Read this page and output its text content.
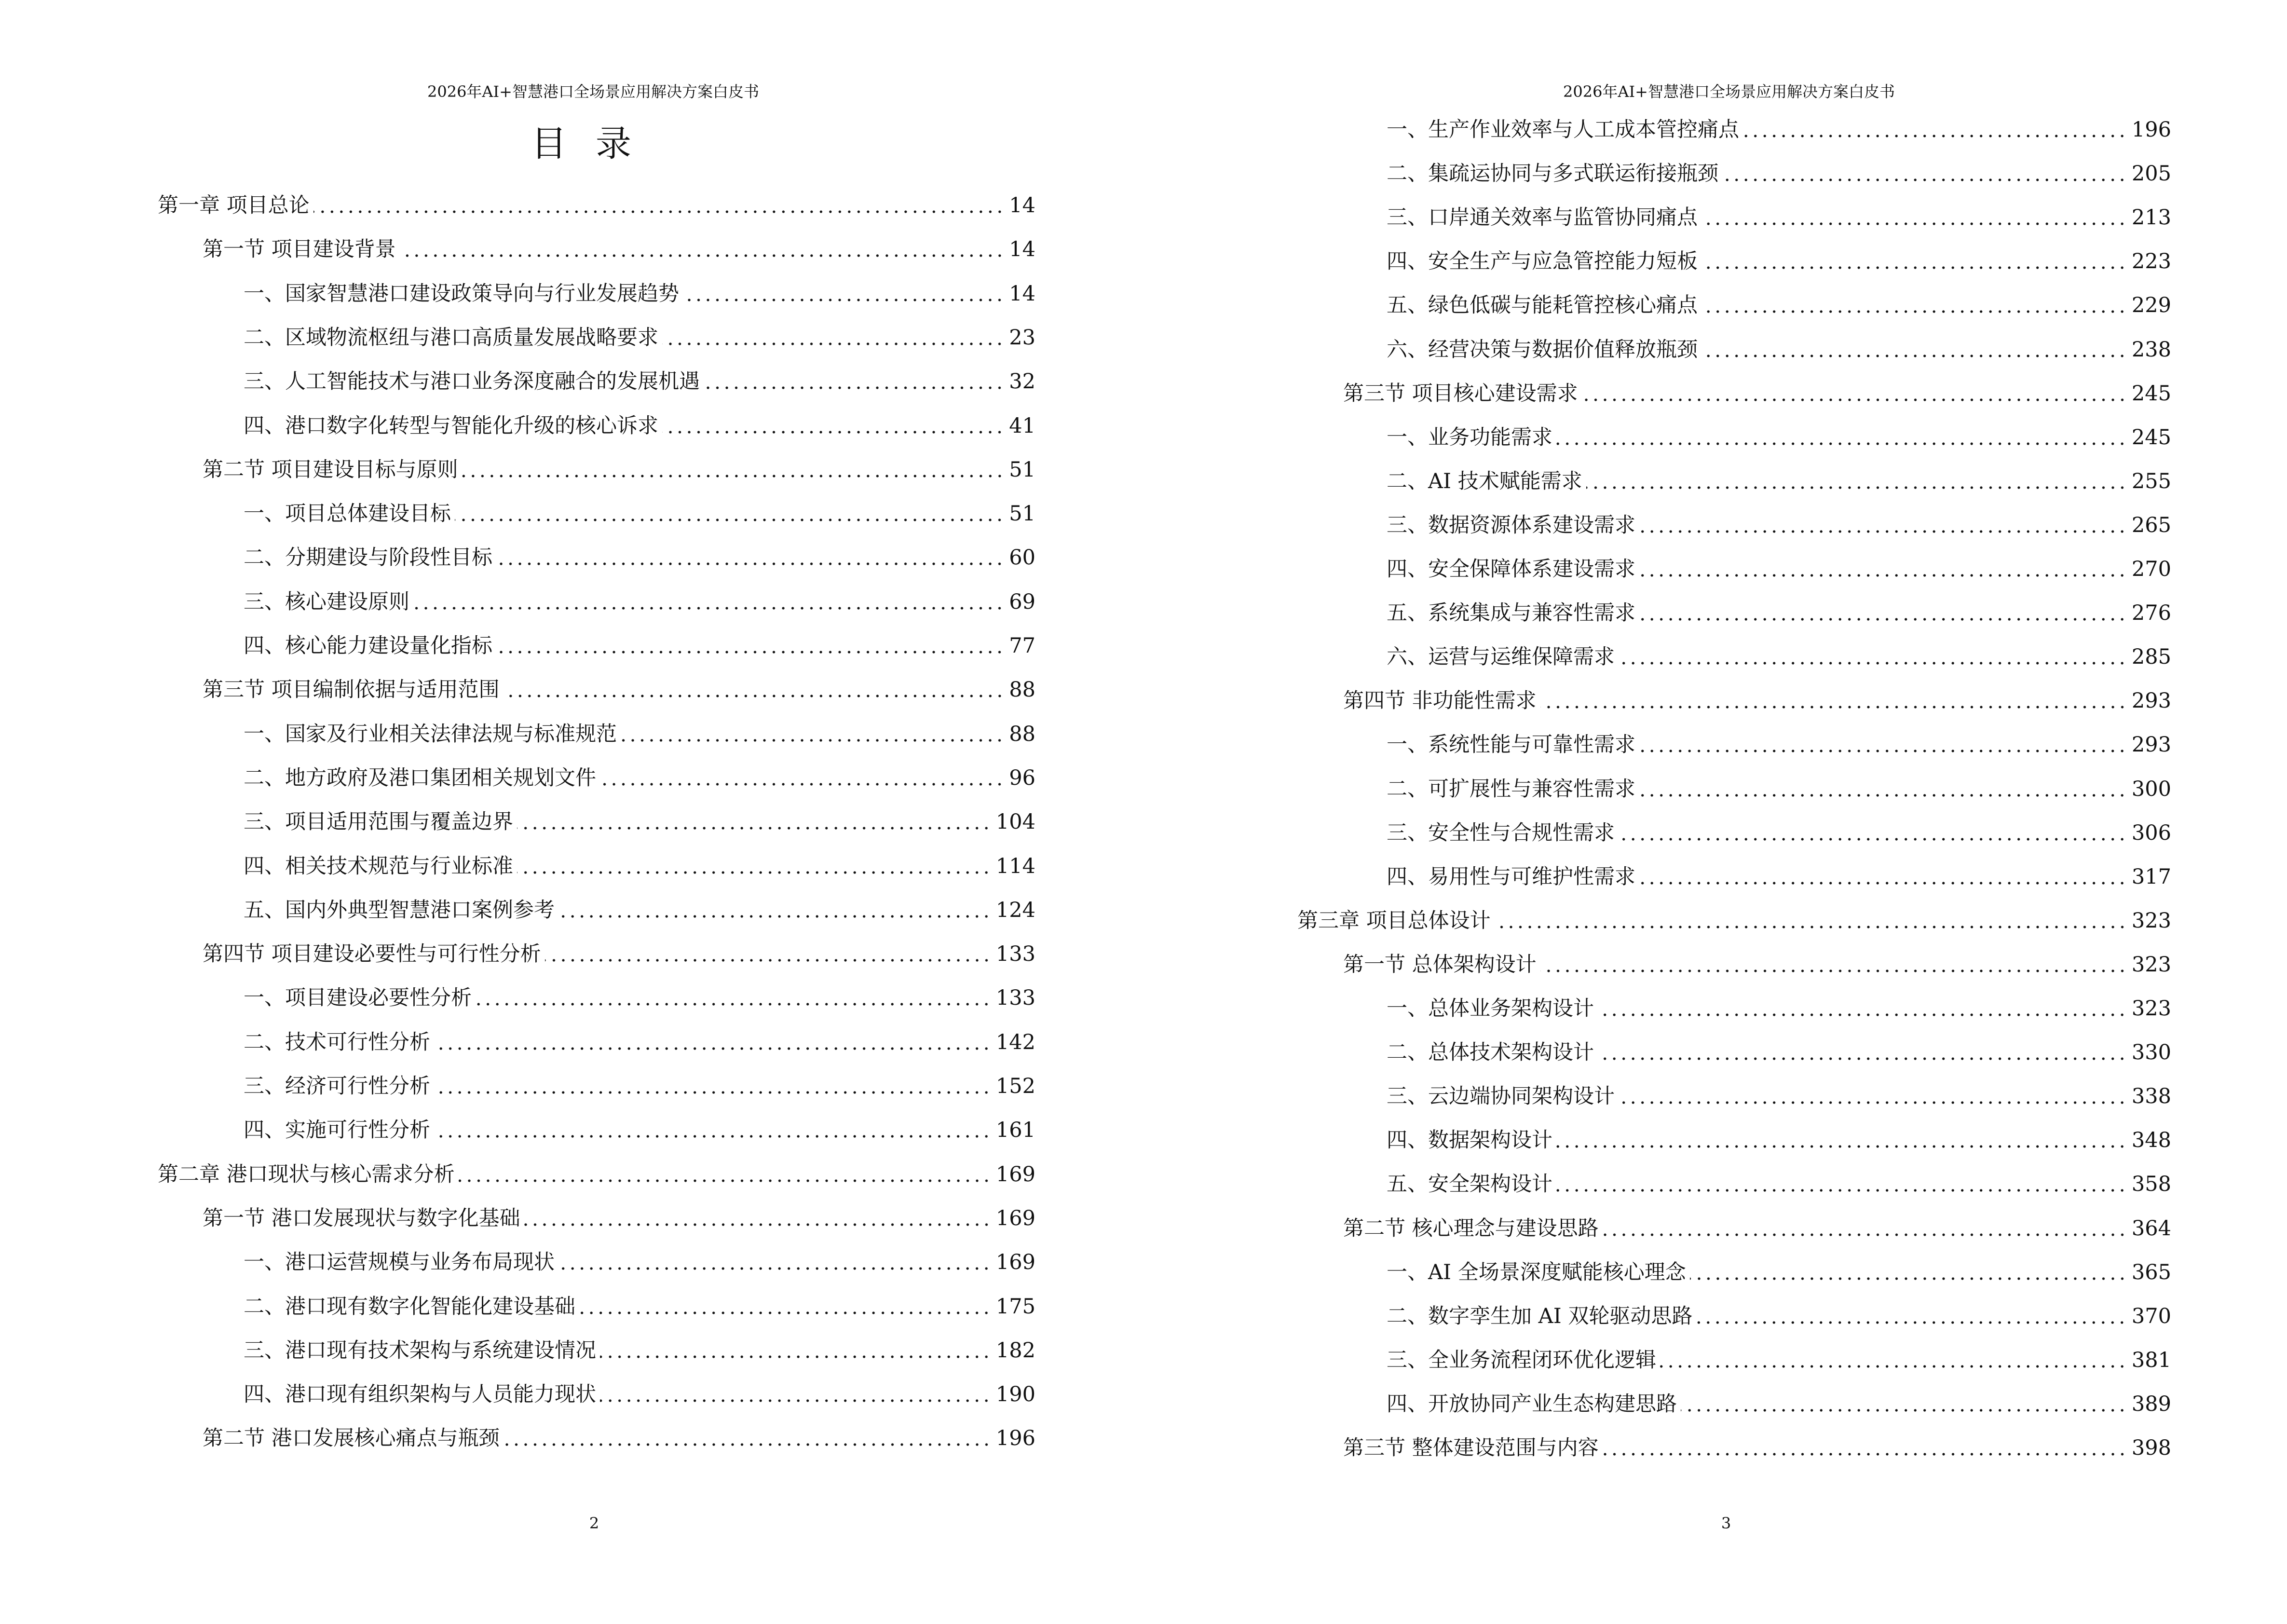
2026年AI+智慧港口全场景应用解决方案白皮书
目录
第一章 项目总论	14
第一节 项目建设背景	14
一、国家智慧港口建设政策导向与行业发展趋势	14
二、区域物流枢纽与港口高质量发展战略要求	23
三、人工智能技术与港口业务深度融合的发展机遇	32
四、港口数字化转型与智能化升级的核心诉求	41
第二节 项目建设目标与原则	51
一、项目总体建设目标	51
二、分期建设与阶段性目标	60
三、核心建设原则	69
四、核心能力建设量化指标	77
第三节 项目编制依据与适用范围	88
一、国家及行业相关法律法规与标准规范	88
二、地方政府及港口集团相关规划文件	96
三、项目适用范围与覆盖边界	104
四、相关技术规范与行业标准	114
五、国内外典型智慧港口案例参考	124
第四节 项目建设必要性与可行性分析	133
一、项目建设必要性分析	133
二、技术可行性分析	142
三、经济可行性分析	152
四、实施可行性分析	161
第二章 港口现状与核心需求分析	169
第一节 港口发展现状与数字化基础	169
一、港口运营规模与业务布局现状	169
二、港口现有数字化智能化建设基础	175
三、港口现有技术架构与系统建设情况	182
四、港口现有组织架构与人员能力现状	190
第二节 港口发展核心痛点与瓶颈	196
2
2026年AI+智慧港口全场景应用解决方案白皮书
一、生产作业效率与人工成本管控痛点	196
二、集疏运协同与多式联运衔接瓶颈	205
三、口岸通关效率与监管协同痛点	213
四、安全生产与应急管控能力短板	223
五、绿色低碳与能耗管控核心痛点	229
六、经营决策与数据价值释放瓶颈	238
第三节 项目核心建设需求	245
一、业务功能需求	245
二、AI 技术赋能需求	255
三、数据资源体系建设需求	265
四、安全保障体系建设需求	270
五、系统集成与兼容性需求	276
六、运营与运维保障需求	285
第四节 非功能性需求	293
一、系统性能与可靠性需求	293
二、可扩展性与兼容性需求	300
三、安全性与合规性需求	306
四、易用性与可维护性需求	317
第三章 项目总体设计	323
第一节 总体架构设计	323
一、总体业务架构设计	323
二、总体技术架构设计	330
三、云边端协同架构设计	338
四、数据架构设计	348
五、安全架构设计	358
第二节 核心理念与建设思路	364
一、AI 全场景深度赋能核心理念	365
二、数字孪生加 AI 双轮驱动思路	370
三、全业务流程闭环优化逻辑	381
四、开放协同产业生态构建思路	389
第三节 整体建设范围与内容	398
3
